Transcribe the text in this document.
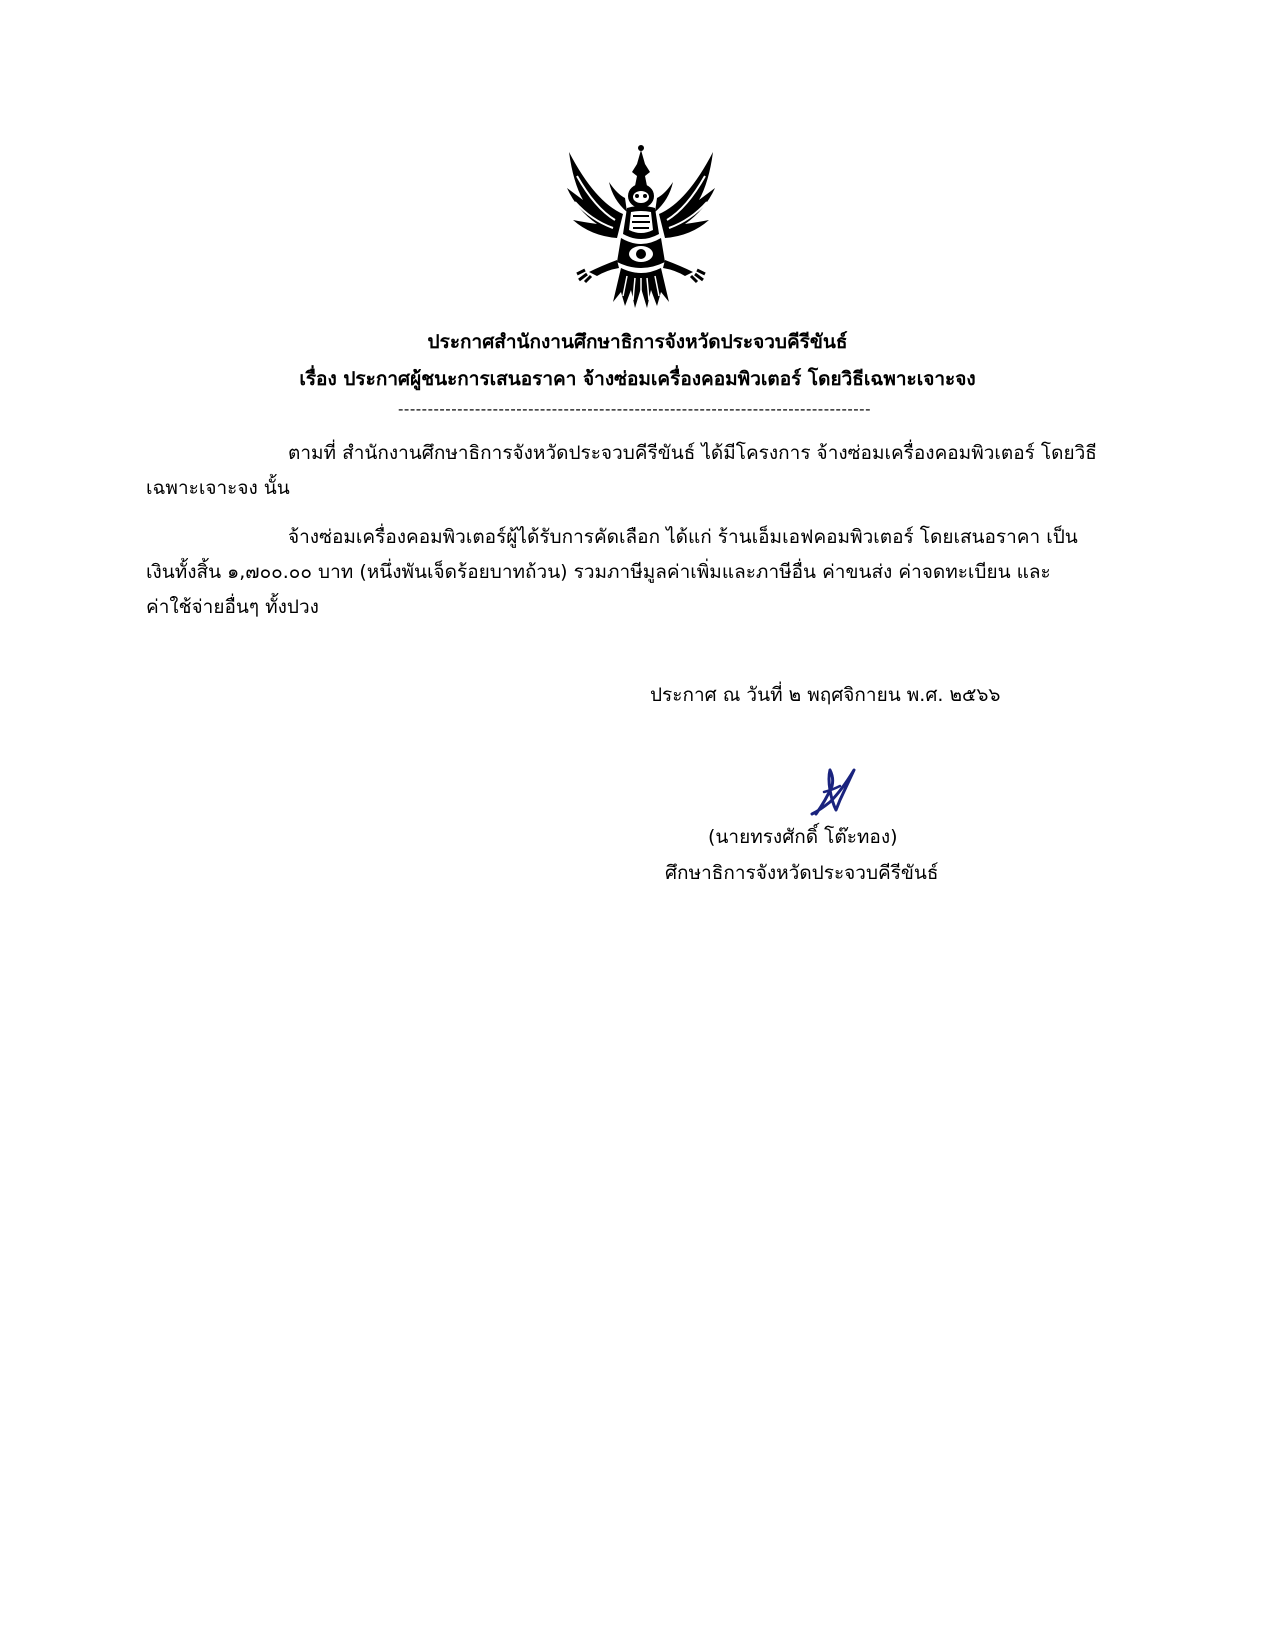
ประกาศสำนักงานศึกษาธิการจังหวัดประจวบคีรีขันธ์
เรื่อง ประกาศผู้ชนะการเสนอราคา จ้างซ่อมเครื่องคอมพิวเตอร์ โดยวิธีเฉพาะเจาะจง
--------------------------------------------------------------------------------
ตามที่ สำนักงานศึกษาธิการจังหวัดประจวบคีรีขันธ์ ได้มีโครงการ จ้างซ่อมเครื่องคอมพิวเตอร์ โดยวิธี
เฉพาะเจาะจง นั้น
จ้างซ่อมเครื่องคอมพิวเตอร์ผู้ได้รับการคัดเลือก ได้แก่ ร้านเอ็มเอฟคอมพิวเตอร์ โดยเสนอราคา เป็น
เงินทั้งสิ้น ๑,๗๐๐.๐๐ บาท (หนึ่งพันเจ็ดร้อยบาทถ้วน) รวมภาษีมูลค่าเพิ่มและภาษีอื่น ค่าขนส่ง ค่าจดทะเบียน และ
ค่าใช้จ่ายอื่นๆ ทั้งปวง
ประกาศ ณ วันที่ ๒ พฤศจิกายน พ.ศ. ๒๕๖๖
(นายทรงศักดิ์ โต๊ะทอง)
ศึกษาธิการจังหวัดประจวบคีรีขันธ์
